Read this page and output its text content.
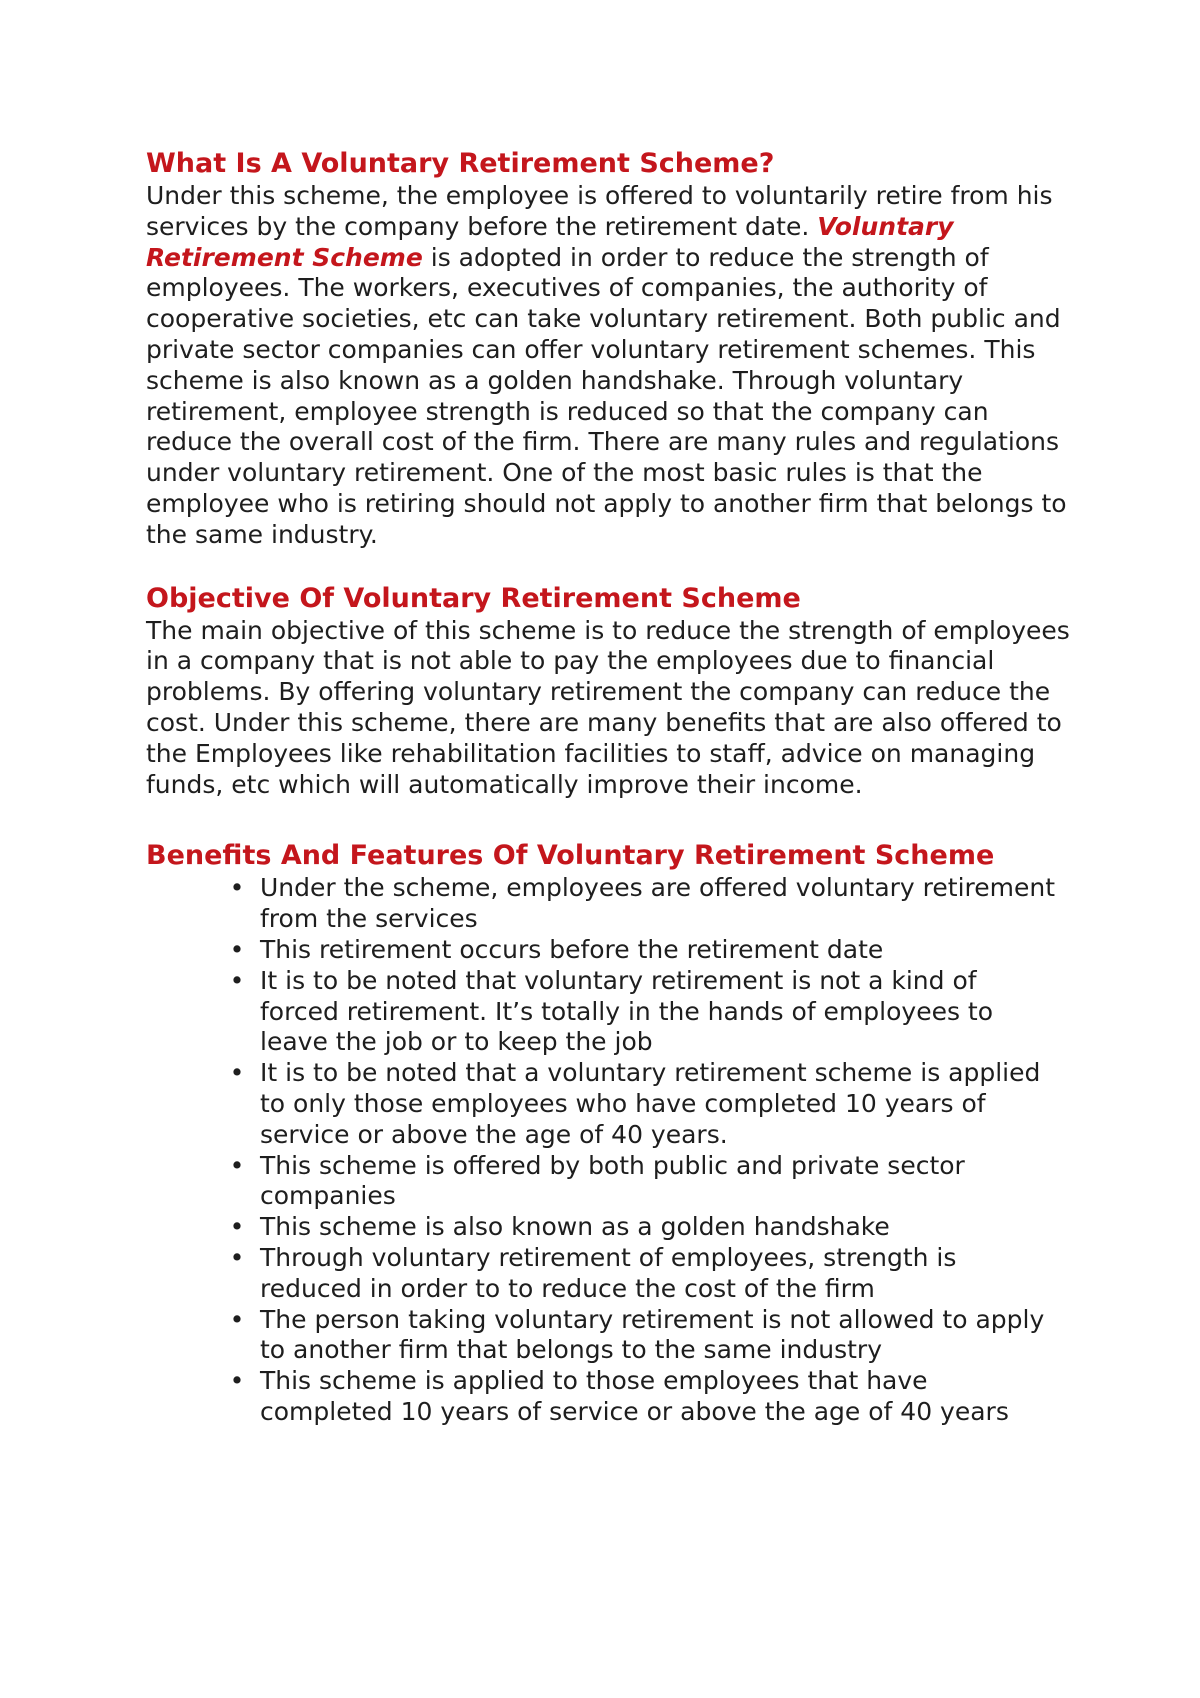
What Is A Voluntary Retirement Scheme?

Under this scheme, the employee is offered to voluntarily retire from his services by the company before the retirement date. Voluntary Retirement Scheme is adopted in order to reduce the strength of employees. The workers, executives of companies, the authority of cooperative societies, etc can take voluntary retirement. Both public and private sector companies can offer voluntary retirement schemes. This scheme is also known as a golden handshake. Through voluntary retirement, employee strength is reduced so that the company can reduce the overall cost of the firm. There are many rules and regulations under voluntary retirement. One of the most basic rules is that the employee who is retiring should not apply to another firm that belongs to the same industry.

Objective Of Voluntary Retirement Scheme

The main objective of this scheme is to reduce the strength of employees in a company that is not able to pay the employees due to financial problems. By offering voluntary retirement the company can reduce the cost. Under this scheme, there are many benefits that are also offered to the Employees like rehabilitation facilities to staff, advice on managing funds, etc which will automatically improve their income.

Benefits And Features Of Voluntary Retirement Scheme
• Under the scheme, employees are offered voluntary retirement from the services
• This retirement occurs before the retirement date
• It is to be noted that voluntary retirement is not a kind of forced retirement. It’s totally in the hands of employees to leave the job or to keep the job
• It is to be noted that a voluntary retirement scheme is applied to only those employees who have completed 10 years of service or above the age of 40 years.
• This scheme is offered by both public and private sector companies
• This scheme is also known as a golden handshake
• Through voluntary retirement of employees, strength is reduced in order to to reduce the cost of the firm
• The person taking voluntary retirement is not allowed to apply to another firm that belongs to the same industry
• This scheme is applied to those employees that have completed 10 years of service or above the age of 40 years
